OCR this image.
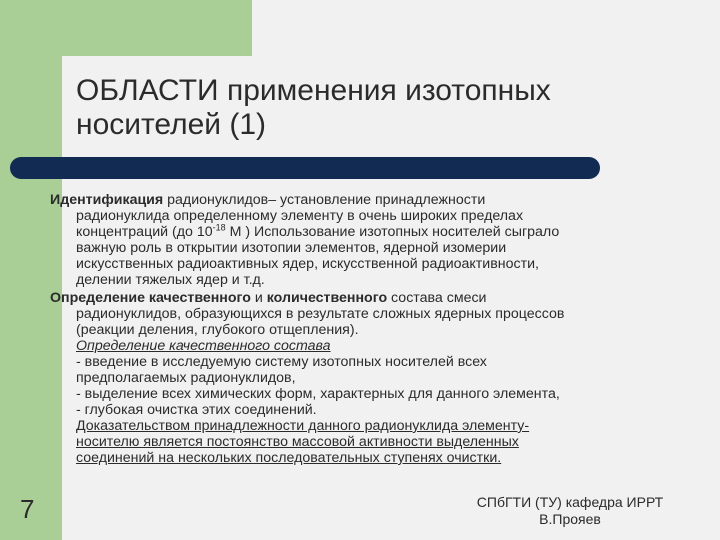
ОБЛАСТИ применения изотопных
носителей (1)
Идентификация радионуклидов– установление принадлежности
радионуклида определенному элементу в очень широких пределах
концентраций (до $10^{-18}$ М ) Использование изотопных носителей сыграло
важную роль в открытии изотопии элементов, ядерной изомерии
искусственных радиоактивных ядер, искусственной радиоактивности,
делении тяжелых ядер и т.д.
Определение качественного и количественного состава смеси
радионуклидов, образующихся в результате сложных ядерных процессов
(реакции деления, глубокого отщепления).
Определение качественного состава
- введение в исследуемую систему изотопных носителей всех
предполагаемых радионуклидов,
- выделение всех химических форм, характерных для данного элемента,
- глубокая очистка этих соединений.
Доказательством принадлежности данного радионуклида элементу-
носителю является постоянство массовой активности выделенных
соединений на нескольких последовательных ступенях очистки.
7	СПбГТИ (ТУ) кафедра ИРРТ
В.Прояев
